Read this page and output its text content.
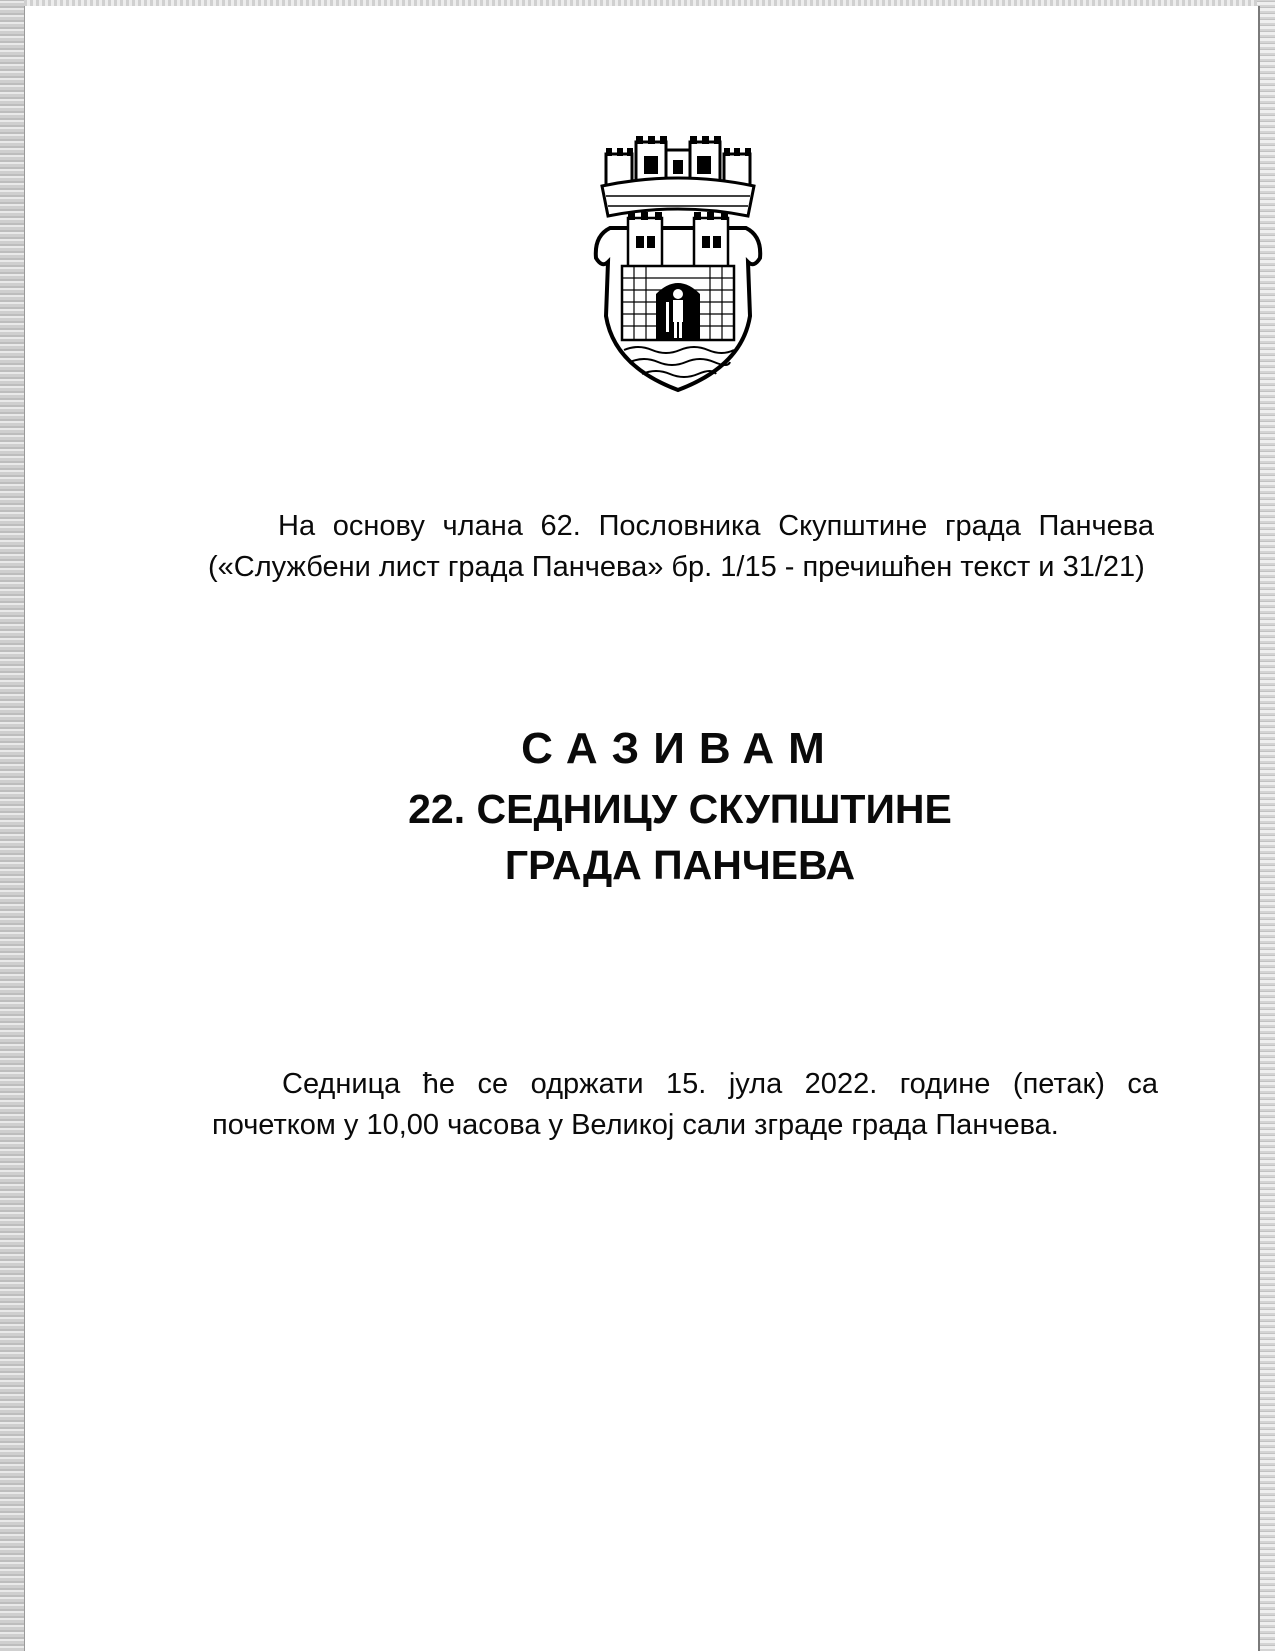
На основу члана 62. Пословника Скупштине града Панчева («Службени лист града Панчева» бр. 1/15 - пречишћен текст и 31/21)

САЗИВАМ
22. СЕДНИЦУ СКУПШТИНЕ
ГРАДА ПАНЧЕВА

Седница ће се одржати 15. јула 2022. године (петак) са почетком у 10,00 часова у Великој сали зграде града Панчева.
